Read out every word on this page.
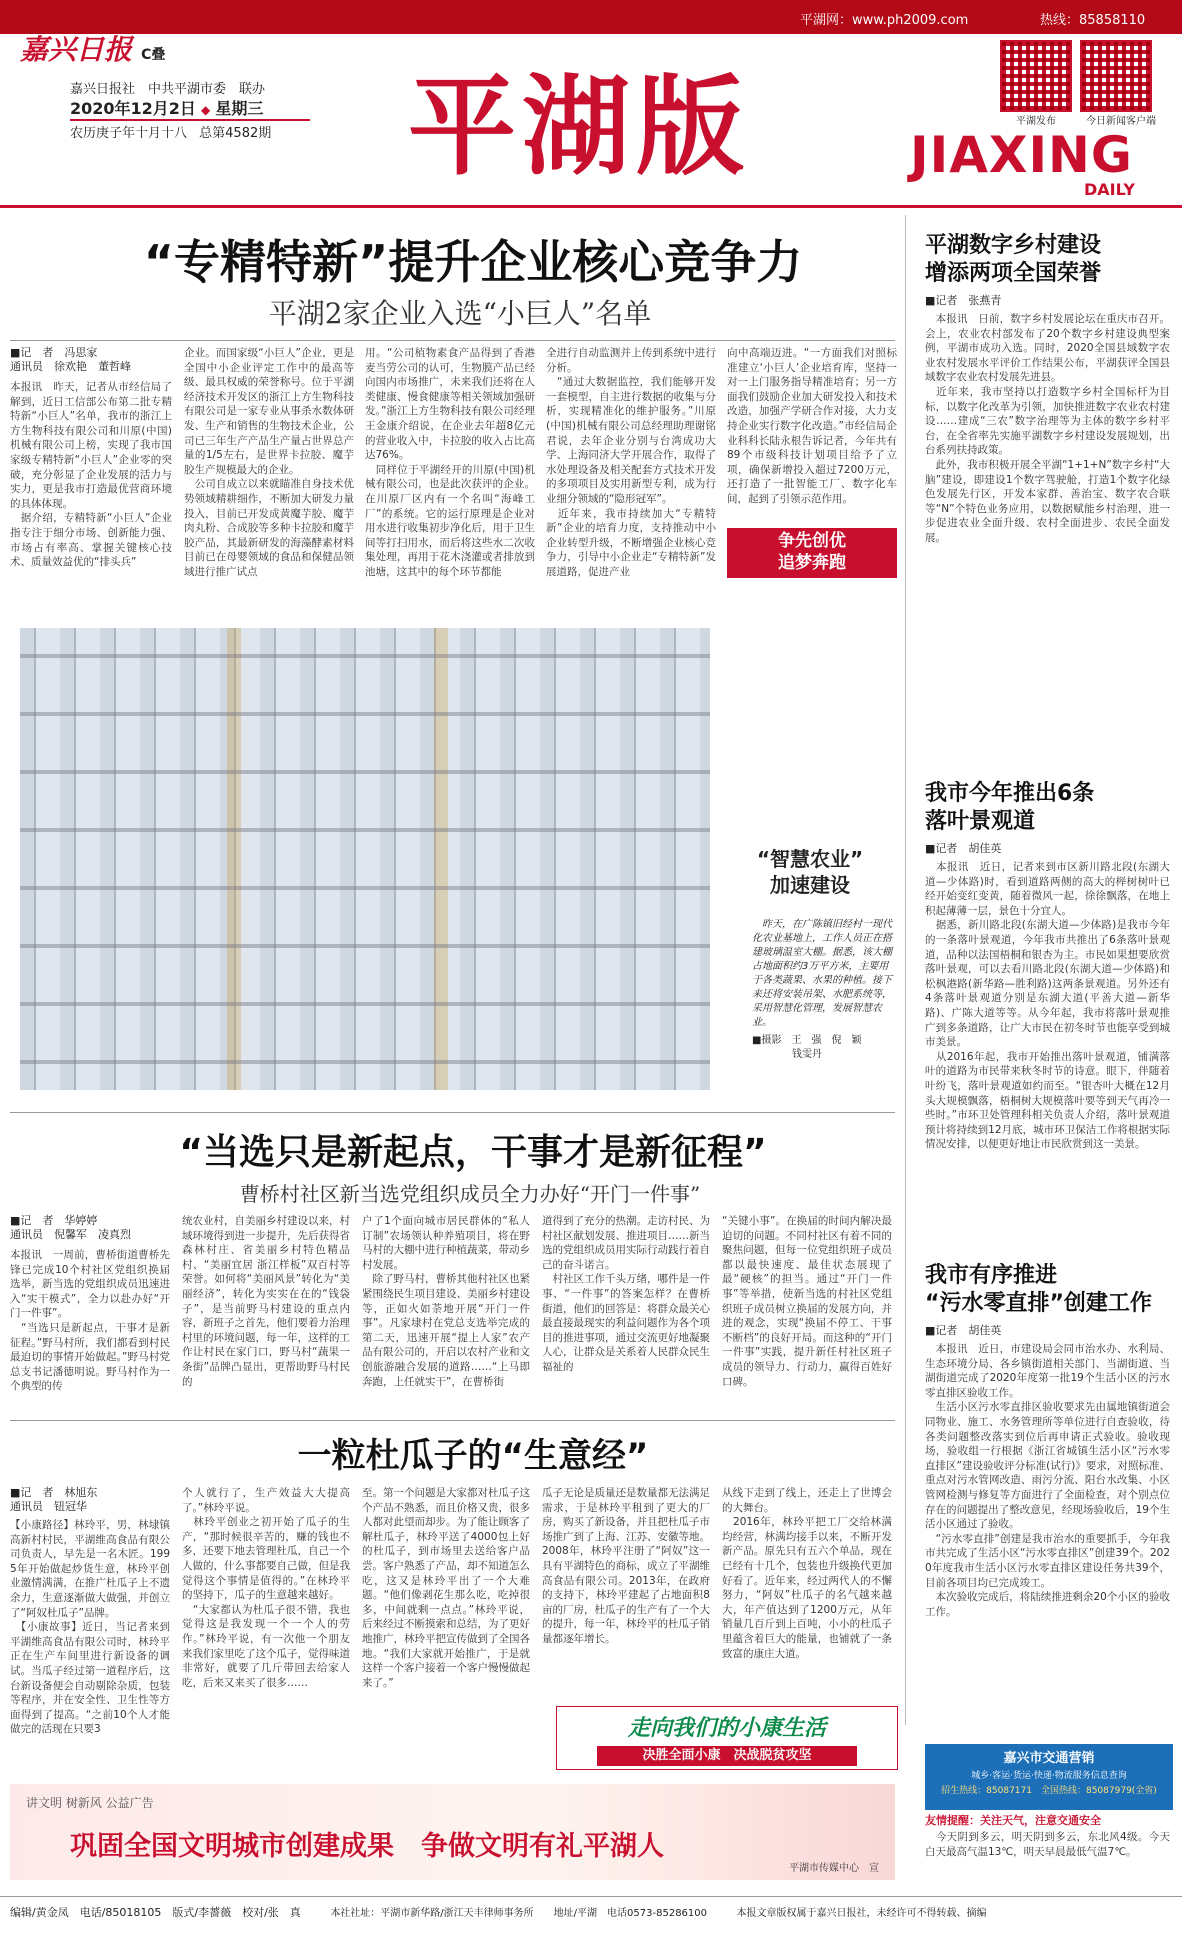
平湖网：www.ph2009.com	热线：85858110
嘉兴日报 C叠
嘉兴日报社　中共平湖市委　联办
2020年12月2日 ◆ 星期三
农历庚子年十月十八 总第4582期 平湖版	平湖发布	今日新闻客户端
JIAXING
DAILY
“专精特新”提升企业核心竞争力
平湖2家企业入选“小巨人”名单
■记　者　冯思家
通讯员　徐欢艳　董哲峰
本报讯　昨天，记者从市经信局了解到，近日工信部公布第二批专精特新“小巨人”名单，我市的浙江上方生物科技有限公司和川原(中国)机械有限公司上榜，实现了我市国家级专精特新“小巨人”企业零的突破，充分彰显了企业发展的活力与实力，更是我市打造最优营商环境的具体体现。
　据介绍，专精特新“小巨人”企业指专注于细分市场、创新能力强、市场占有率高、掌握关键核心技术、质量效益优的“排头兵”
企业。而国家级“小巨人”企业，更是全国中小企业评定工作中的最高等级、最具权威的荣誉称号。位于平湖经济技术开发区的浙江上方生物科技有限公司是一家专业从事杀水数体研发、生产和销售的生物技术企业，公司已三年生产产品生产量占世界总产量的1/5左右，是世界卡拉胶、魔芋胶生产规模最大的企业。
　公司自成立以来就瞄准自身技术优势领域精耕细作，不断加大研发力量投入，目前已开发成黄魔芋胶、魔芋肉丸粉、合成胶等多种卡拉胶和魔芋胶产品，其最新研发的海藻酵素材料目前已在母婴领域的食品和保健品领域进行推广试点
用。“公司植物素食产品得到了香港麦当劳公司的认可，生物膜产品已经向国内市场推广，未来我们还将在人类健康、慢食健康等相关领域加强研发。”浙江上方生物科技有限公司经理王金康介绍说，在企业去年超8亿元的营业收入中，卡拉胶的收入占比高达76%。
　同样位于平湖经开的川原(中国)机械有限公司，也是此次获评的企业。在川原厂区内有一个名叫“海峰工厂”的系统。它的运行原理是企业对用水进行收集初步净化后，用于卫生间等打扫用水，而后将这些水二次收集处理，再用于花木浇灌或者排放到池塘，这其中的每个环节都能
全进行自动监测并上传到系统中进行分析。
　“通过大数据监控，我们能够开发一套模型，自主进行数据的收集与分析，实现精准化的维护服务。”川原(中国)机械有限公司总经理助理谢铭君说，去年企业分别与台湾成功大学、上海同济大学开展合作，取得了水处理设备及相关配套方式技术开发的多项项目及实用新型专利，成为行业细分领域的“隐形冠军”。
　近年来，我市持续加大“专精特新”企业的培育力度，支持推动中小企业转型升级，不断增强企业核心竞争力，引导中小企业走“专精特新”发展道路，促进产业
向中高端迈进。“一方面我们对照标准建立‘小巨人’企业培育库，坚持一对一上门服务指导精准培育；另一方面我们鼓励企业加大研发投入和技术改造，加强产学研合作对接，大力支持企业实行数字化改造。”市经信局企业科科长陆永根告诉记者，今年共有89个市级科技计划项目给予了立项，确保新增投入超过7200万元，还打造了一批智能工厂、数字化车间，起到了引领示范作用。
争先创优
追梦奔跑
“智慧农业”
加速建设
　昨天，在广陈镇旧经村一现代化农业基地上，工作人员正在搭建玻璃温室大棚。据悉，该大棚占地面积约3万平方米，主要用于各类蔬果、水果的种植。接下来还将安装吊架、水肥系统等，采用智慧化管理，发展智慧农业。
■摄影　王　强　倪　颖
　　　　钱雯丹
“当选只是新起点，干事才是新征程”
曹桥村社区新当选党组织成员全力办好“开门一件事”
■记　者　华婷婷
通讯员　倪馨军　凌真烈
本报讯　一周前，曹桥街道曹桥先锋已完成10个村社区党组织换届选举，新当选的党组织成员迅速进入“实干模式”，全力以赴办好“开门一件事”。
　“当选只是新起点，干事才是新征程。”野马村所，我们都看到村民最迫切的事情开始做起。”野马村党总支书记潘德明说。野马村作为一个典型的传
统农业村，自美丽乡村建设以来，村域环境得到进一步提升，先后获得省森林村庄、省美丽乡村特色精品村、“美丽宜居 浙江样板”双百村等荣誉。如何将“美丽风景”转化为“美丽经济”，转化为实实在在的“钱袋子”，是当前野马村建设的重点内容，新班子之首先，他们要着力治理村里的环境问题，每一年，这样的工作让村民在家门口，野马村“蔬果一条街”品牌凸显出，更帮助野马村民的
户了1个面向城市居民群体的“私人订制”农场领认种养殖项目，将在野马村的大棚中进行种植蔬菜，带动乡村发展。
　除了野马村，曹桥其他村社区也紧紧围绕民生项目建设、美丽乡村建设等，正如火如荼地开展“开门一件事”。凡家埭村在党总支选举完成的第二天，迅速开展“提上人家”农产品有限公司的，开启以农村产业和文创旅游融合发展的道路……“上马即奔跑，上任就实干”，在曹桥街
道得到了充分的热潮。走访村民、为村社区献划发展、推进项目……新当选的党组织成员用实际行动践行着自己的奋斗诺言。
　村社区工作千头万绪，哪件是一件事、“一件事”的答案怎样？在曹桥街道，他们的回答是：将群众最关心最直接最现实的利益问题作为各个项目的推进事项，通过交流更好地凝聚人心，让群众是关系着人民群众民生福祉的
“关键小事”。在换届的时间内解决最迫切的问题。不同村社区有着不同的聚焦问题，但每一位党组织班子成员都以最快速度、最佳状态展现了最“硬核”的担当。通过“开门一件事”等举措，使新当选的村社区党组织班子成员树立换届的发展方向，并进的观念，实现“换届不停工、干事不断档”的良好开局。而这种的“开门一件事”实践，提升新任村社区班子成员的领导力、行动力，赢得百姓好口碑。
一粒杜瓜子的“生意经”
■记　者　林旭东
通讯员　钮冠华
【小康路径】林玲平，男，林埭镇高新村村民，平湖维高食品有限公司负责人，早先是一名木匠。1995年开始做起炒货生意，林玲平创业激情满满，在推广杜瓜子上不遗余力，生意逐渐做大做强，并创立了“阿奴杜瓜子”品牌。
　【小康故事】近日，当记者来到平湖维高食品有限公司时，林玲平正在生产车间里进行新设备的调试。当瓜子经过第一道程序后，这台新设备便会自动剔除杂质，包装等程序，并在安全性、卫生性等方面得到了提高。“之前10个人才能做完的活现在只要3
个人就行了，生产效益大大提高了。”林玲平说。
　林玲平创业之初开始了瓜子的生产，“那时候很辛苦的，赚的钱也不多，还要下地去管理杜瓜，自己一个人做的，什么事都要自己做，但是我觉得这个事情是值得的。”在林玲平的坚持下，瓜子的生意越来越好。
　“大家都认为杜瓜子很不错，我也觉得这是我发现一个一个人的劳作。”林玲平说，有一次他一个朋友来我们家里吃了这个瓜子，觉得味道非常好，就要了几斤带回去给家人吃，后来又来买了很多……
至。第一个问题是大家都对杜瓜子这个产品不熟悉，而且价格又贵，很多人都对此望而却步。为了能让顾客了解杜瓜子，林玲平送了4000包上好的杜瓜子，到市场里去送给客户品尝。客户熟悉了产品，却不知道怎么吃，这又是林玲平出了一个大难题。“他们像剥花生那么吃，吃掉很多，中间就剩一点点。”林玲平说，后来经过不断摸索和总结，为了更好地推广，林玲平把宣传做到了全国各地。“我们大家就开始推广，于是就这样一个客户接着一个客户慢慢做起来了。”
瓜子无论是质量还是数量都无法满足需求，于是林玲平租到了更大的厂房，购买了新设备，并且把杜瓜子市场推广到了上海、江苏、安徽等地。2008年，林玲平注册了“阿奴”这一具有平湖特色的商标，成立了平湖维高食品有限公司。2013年，在政府的支持下，林玲平建起了占地面积8亩的厂房，杜瓜子的生产有了一个大的提升，每一年，林玲平的杜瓜子销量都逐年增长。
从线下走到了线上，还走上了世博会的大舞台。
　2016年，林玲平把工厂交给林满均经营，林满均接手以来，不断开发新产品。原先只有五六个单品，现在已经有十几个，包装也升级换代更加好看了。近年来，经过两代人的不懈努力，“阿奴”杜瓜子的名气越来越大，年产值达到了1200万元，从年销量几百斤到上百吨，小小的杜瓜子里蕴含着巨大的能量，也铺就了一条致富的康庄大道。
走向我们的小康生活
决胜全面小康　决战脱贫攻坚
讲文明 树新风 公益广告
巩固全国文明城市创建成果　争做文明有礼平湖人
平湖市传媒中心　宣
平湖数字乡村建设
增添两项全国荣誉
■记者　张燕青
　本报讯　日前，数字乡村发展论坛在重庆市召开。会上，农业农村部发布了20个数字乡村建设典型案例，平湖市成功入选。同时，2020全国县域数字农业农村发展水平评价工作结果公布，平湖获评全国县域数字农业农村发展先进县。
　近年来，我市坚持以打造数字乡村全国标杆为目标，以数字化改革为引领，加快推进数字农业农村建设……建成“三农”数字治理等为主体的数字乡村平台，在全省率先实施平湖数字乡村建设发展规划，出台系列扶持政策。
　此外，我市积极开展全平湖“1+1+N”数字乡村“大脑”建设，即建设1个数字驾驶舱，打造1个数字化绿色发展先行区，开发本家群、善治宝、数字农合联等“N”个特色业务应用，以数据赋能乡村治理，进一步促进农业全面升级、农村全面进步、农民全面发展。
我市今年推出6条
落叶景观道
■记者　胡佳英
　本报讯　近日，记者来到市区新川路北段(东湖大道—少体路)时，看到道路两侧的高大的榉树树叶已经开始变红变黄，随着微风一起，徐徐飘落，在地上积起薄薄一层，景色十分宜人。
　据悉，新川路北段(东湖大道—少体路)是我市今年的一条落叶景观道，今年我市共推出了6条落叶景观道，品种以法国梧桐和银杏为主。市民如果想要欣赏落叶景观，可以去看川路北段(东湖大道—少体路)和松枫港路(新华路—胜利路)这两条景观道。另外还有4条落叶景观道分别是东湖大道(平善大道—新华路)、广陈大道等等。从今年起，我市将落叶景观推广到多条道路，让广大市民在初冬时节也能享受到城市美景。
　从2016年起，我市开始推出落叶景观道，铺满落叶的道路为市民带来秋冬时节的诗意。眼下，伴随着叶纷飞，落叶景观道如约而至。“银杏叶大概在12月头大规模飘落，梧桐树大规模落叶要等到天气再冷一些时。”市环卫处管理科相关负责人介绍，落叶景观道预计将持续到12月底，城市环卫保洁工作将根据实际情况安排，以便更好地让市民欣赏到这一美景。
我市有序推进
“污水零直排”创建工作
■记者　胡佳英
　本报讯　近日，市建设局会同市治水办、水利局、生态环境分局、各乡镇街道相关部门、当湖街道、当湖街道完成了2020年度第一批19个生活小区的污水零直排区验收工作。
　生活小区污水零直排区验收要求先由属地镇街道会同物业、施工、水务管理所等单位进行自查验收，待各类问题整改落实到位后再申请正式验收。验收现场，验收组一行根据《浙江省城镇生活小区“污水零直排区”建设验收评分标准(试行)》要求，对照标准、重点对污水管网改造、雨污分流、阳台水改集、小区管网检测与修复等方面进行了全面检查，对个别点位存在的问题提出了整改意见，经现场验收后，19个生活小区通过了验收。
　“污水零直排”创建是我市治水的重要抓手，今年我市共完成了生活小区“污水零直排区”创建39个。2020年度我市生活小区污水零直排区建设任务共39个，目前各项目均已完成竣工。
　本次验收完成后，将陆续推进剩余20个小区的验收工作。
嘉兴市交通营销
城乡·客运·货运·快递·物流服务信息查询
招生热线：85087171　全国热线：85087979(全省)
友情提醒：关注天气，注意交通安全
　今天阴到多云，明天阴到多云，东北风4级。今天白天最高气温13℃，明天早晨最低气温7℃。
编辑/黄金凤　电话/85018105　版式/李薔薇　校对/张　真	本社社址：平湖市新华路/浙江天丰律师事务所　　地址/平湖　电话0573-85286100	本报文章版权属于嘉兴日报社，未经许可不得转载、摘编
